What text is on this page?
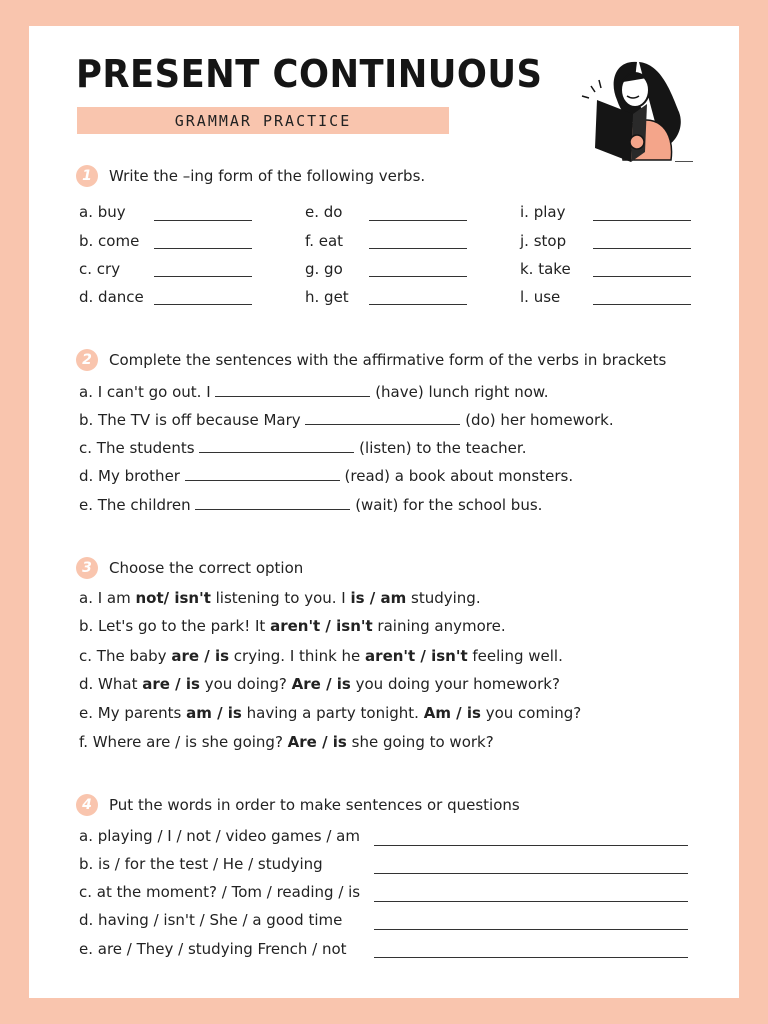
PRESENT CONTINUOUS
GRAMMAR PRACTICE
1	Write the –ing form of the following verbs.
a. buy
b. come
c. cry
d. dance
e. do
f. eat
g. go
h. get
i. play
j. stop
k. take
l. use
2	Complete the sentences with the affirmative form of the verbs in brackets
a. I can't go out. I	(have) lunch right now.
b. The TV is off because Mary	(do) her homework.
c. The students	(listen) to the teacher.
d. My brother	(read) a book about monsters.
e. The children	(wait) for the school bus.
3	Choose the correct option
a. I am not/ isn't listening to you. I is / am studying.
b. Let's go to the park! It aren't / isn't raining anymore.
c. The baby are / is crying. I think he aren't / isn't feeling well.
d. What are / is you doing? Are / is you doing your homework?
e. My parents am / is having a party tonight. Am / is you coming?
f. Where are / is she going? Are / is she going to work?
4	Put the words in order to make sentences or questions
a. playing / I / not / video games / am
b. is / for the test / He / studying
c. at the moment? / Tom / reading / is
d. having / isn't / She / a good time
e. are / They / studying French / not
